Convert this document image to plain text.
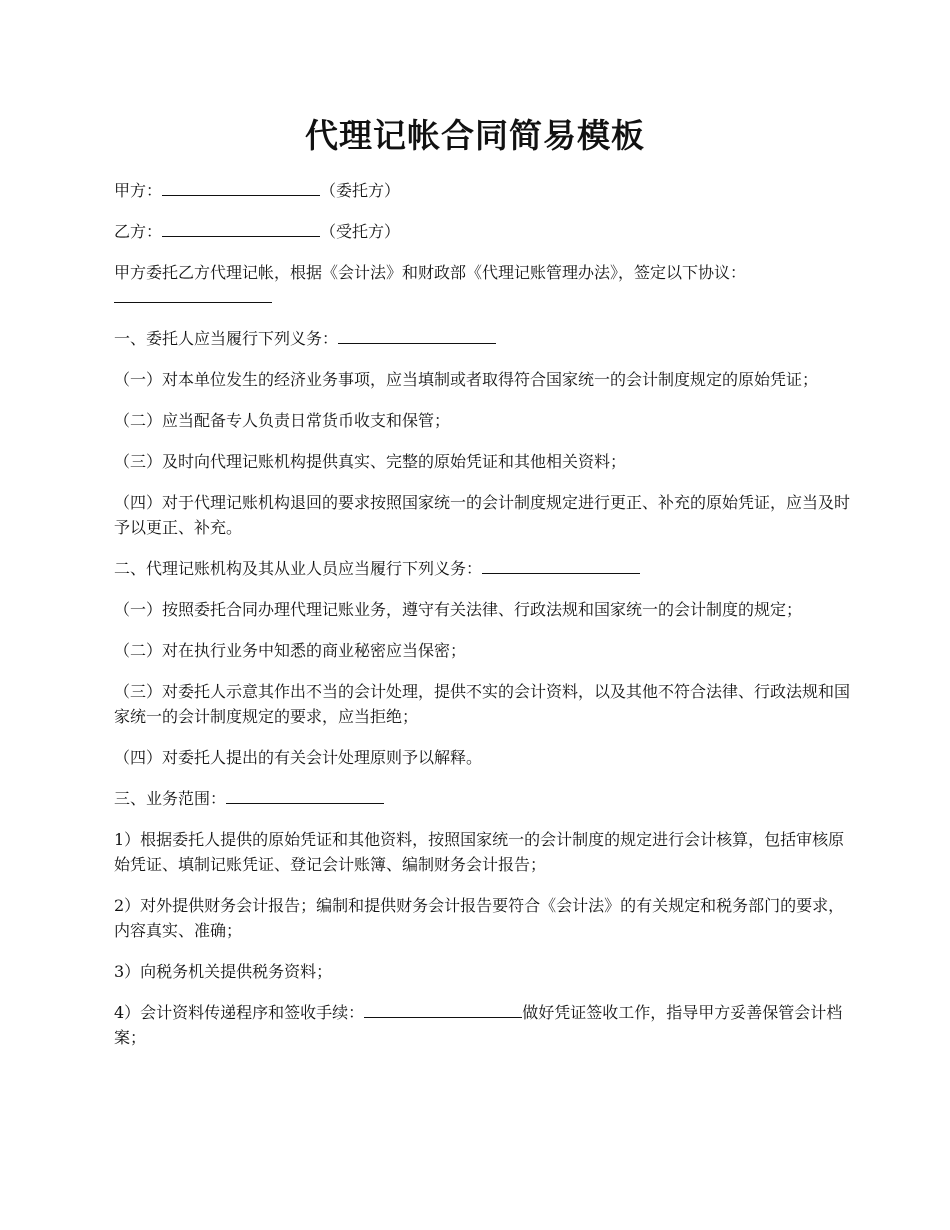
代理记帐合同简易模板

甲方：	（委托方）

乙方：	（受托方）

甲方委托乙方代理记帐，根据《会计法》和财政部《代理记账管理办法》，签定以下协议：

一、委托人应当履行下列义务：

（一）对本单位发生的经济业务事项，应当填制或者取得符合国家统一的会计制度规定的原始凭证；

（二）应当配备专人负责日常货币收支和保管；

（三）及时向代理记账机构提供真实、完整的原始凭证和其他相关资料；

（四）对于代理记账机构退回的要求按照国家统一的会计制度规定进行更正、补充的原始凭证，应当及时予以更正、补充。

二、代理记账机构及其从业人员应当履行下列义务：

（一）按照委托合同办理代理记账业务，遵守有关法律、行政法规和国家统一的会计制度的规定；

（二）对在执行业务中知悉的商业秘密应当保密；

（三）对委托人示意其作出不当的会计处理，提供不实的会计资料，以及其他不符合法律、行政法规和国家统一的会计制度规定的要求，应当拒绝；

（四）对委托人提出的有关会计处理原则予以解释。

三、业务范围：

1）根据委托人提供的原始凭证和其他资料，按照国家统一的会计制度的规定进行会计核算，包括审核原始凭证、填制记账凭证、登记会计账簿、编制财务会计报告；

2）对外提供财务会计报告；编制和提供财务会计报告要符合《会计法》的有关规定和税务部门的要求，内容真实、准确；

3）向税务机关提供税务资料；

4）会计资料传递程序和签收手续：	做好凭证签收工作，指导甲方妥善保管会计档案；
